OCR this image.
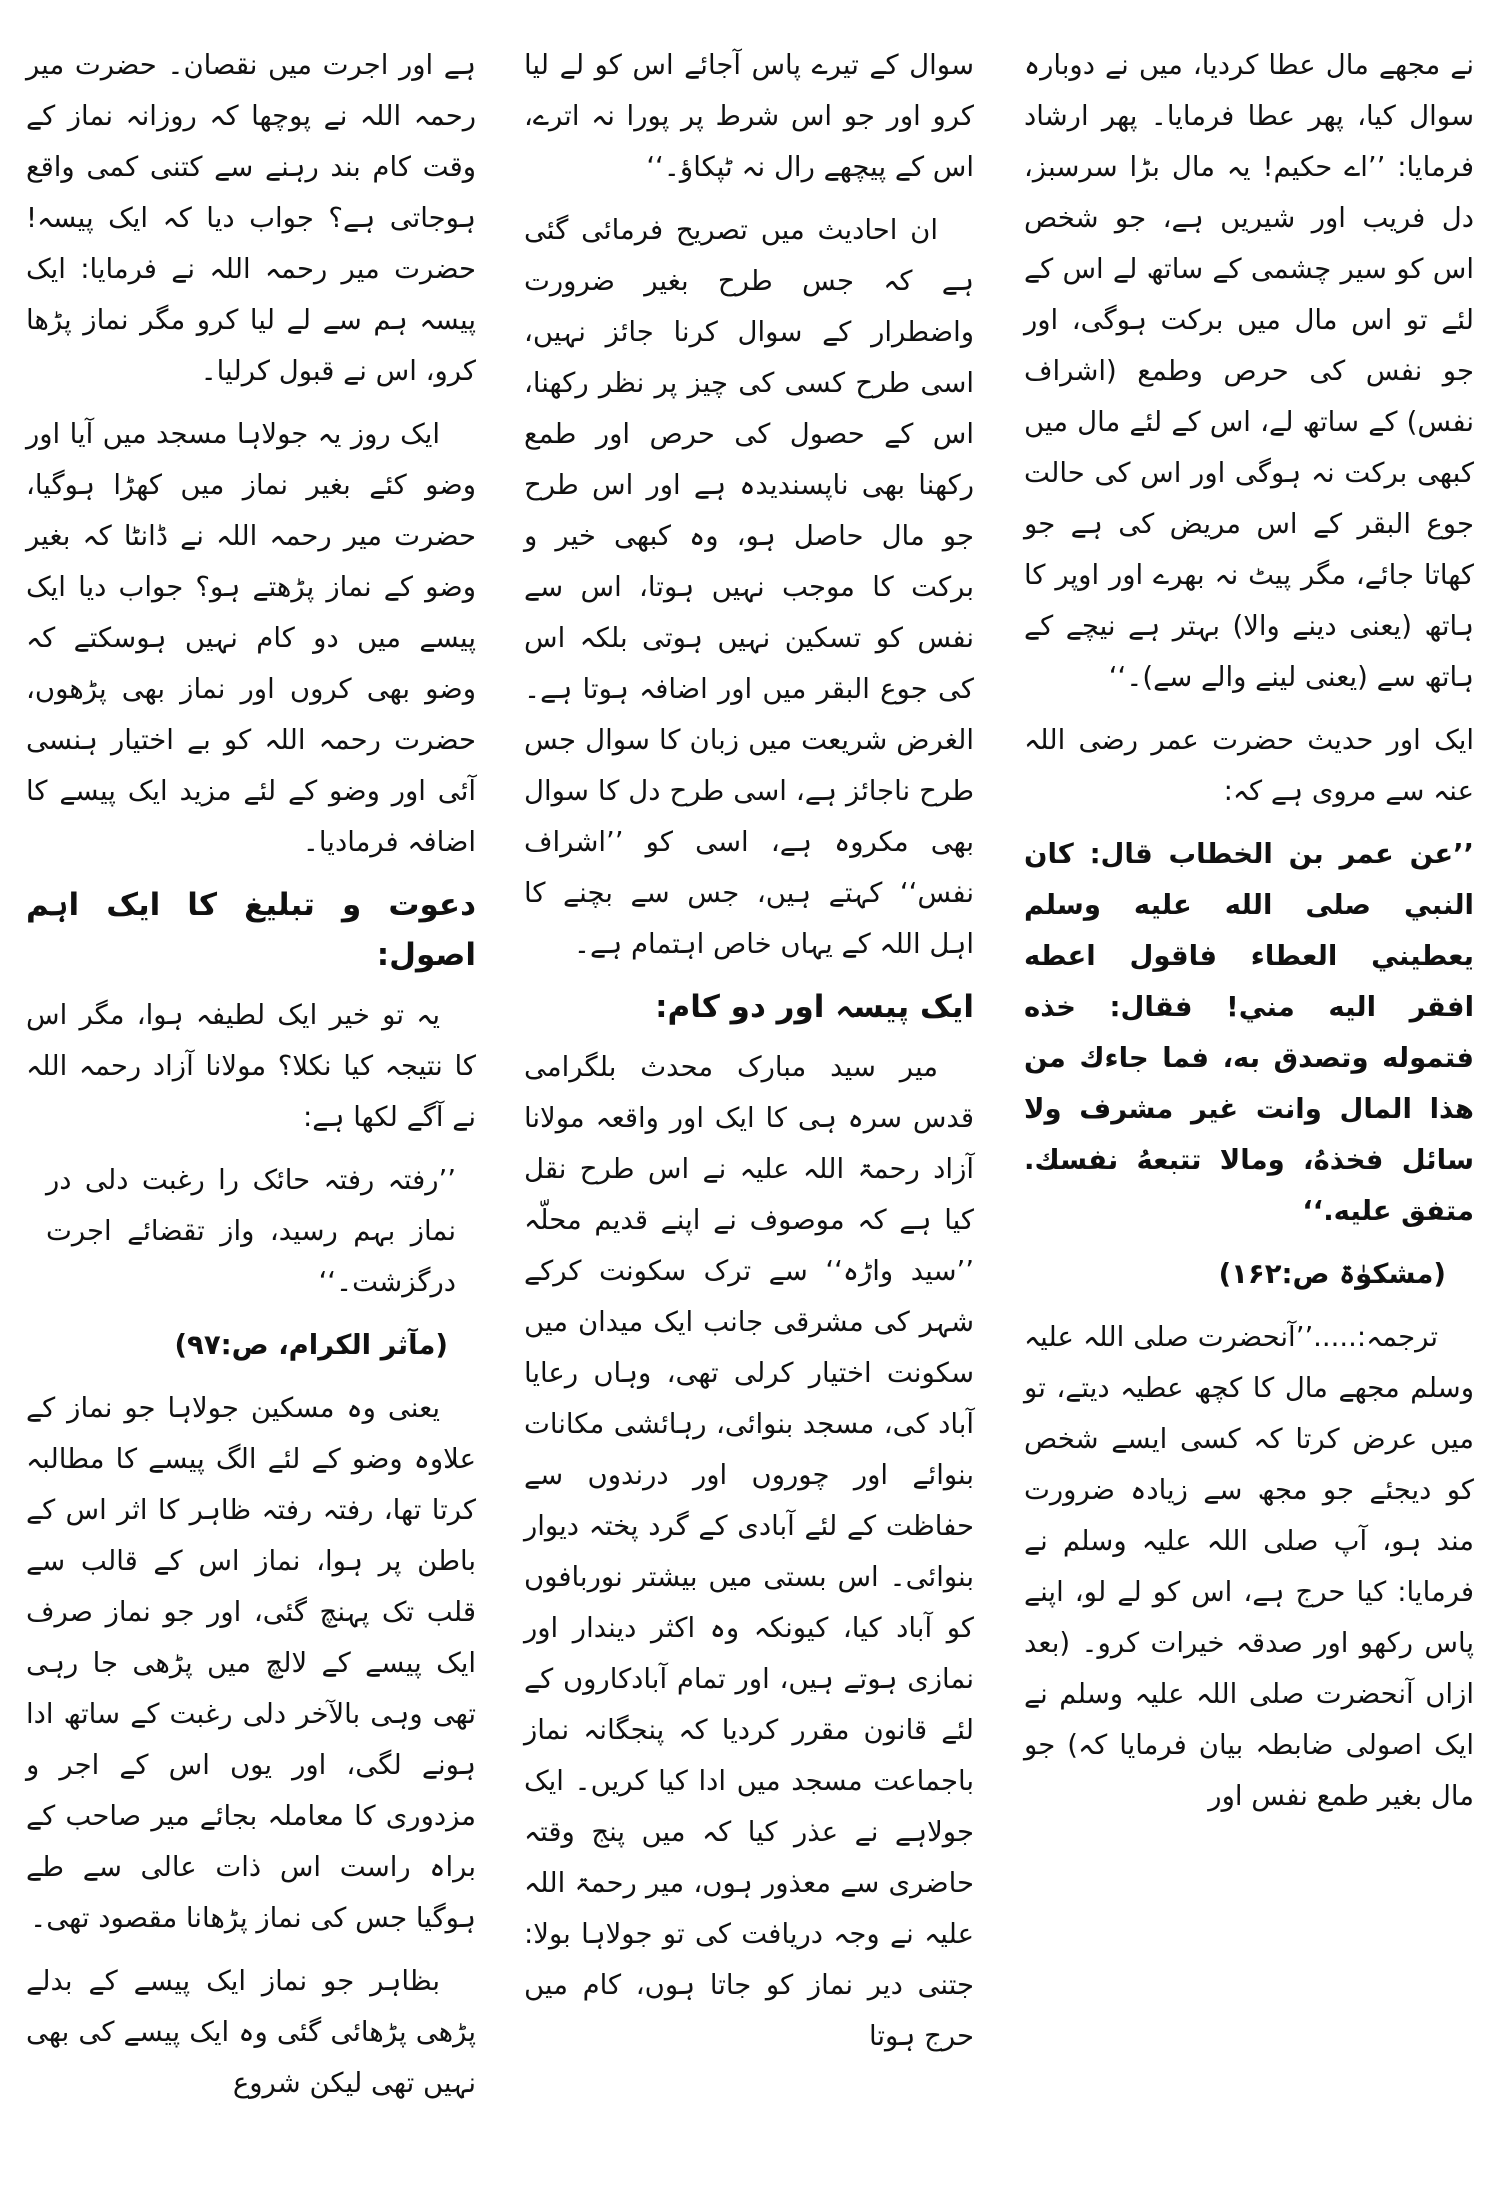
نے مجھے مال عطا کردیا، میں نے دوبارہ سوال کیا، پھر عطا فرمایا۔ پھر ارشاد فرمایا: ’’اے حکیم! یہ مال بڑا سرسبز، دل فریب اور شیریں ہے، جو شخص اس کو سیر چشمی کے ساتھ لے اس کے لئے تو اس مال میں برکت ہوگی، اور جو نفس کی حرص وطمع (اشراف نفس) کے ساتھ لے، اس کے لئے مال میں کبھی برکت نہ ہوگی اور اس کی حالت جوع البقر کے اس مریض کی ہے جو کھاتا جائے، مگر پیٹ نہ بھرے اور اوپر کا ہاتھ (یعنی دینے والا) بہتر ہے نیچے کے ہاتھ سے (یعنی لینے والے سے)۔‘‘

ایک اور حدیث حضرت عمر رضی اللہ عنہ سے مروی ہے کہ:

’’عن عمر بن الخطاب قال: كان النبي صلى الله عليه وسلم يعطيني العطاء فاقول اعطه افقر اليه مني! فقال: خذه فتموله وتصدق به، فما جاءك من هذا المال وانت غير مشرف ولا سائل فخذهُ، ومالا تتبعهُ نفسك. متفق عليه.‘‘

(مشکوٰۃ ص:۱۶۲)

ترجمہ:.....’’آنحضرت صلی اللہ علیہ وسلم مجھے مال کا کچھ عطیہ دیتے، تو میں عرض کرتا کہ کسی ایسے شخص کو دیجئے جو مجھ سے زیادہ ضرورت مند ہو، آپ صلی اللہ علیہ وسلم نے فرمایا: کیا حرج ہے، اس کو لے لو، اپنے پاس رکھو اور صدقہ خیرات کرو۔ (بعد ازاں آنحضرت صلی اللہ علیہ وسلم نے ایک اصولی ضابطہ بیان فرمایا کہ) جو مال بغیر طمع نفس اور

سوال کے تیرے پاس آجائے اس کو لے لیا کرو اور جو اس شرط پر پورا نہ اترے، اس کے پیچھے رال نہ ٹپکاؤ۔‘‘

ان احادیث میں تصریح فرمائی گئی ہے کہ جس طرح بغیر ضرورت واضطرار کے سوال کرنا جائز نہیں، اسی طرح کسی کی چیز پر نظر رکھنا، اس کے حصول کی حرص اور طمع رکھنا بھی ناپسندیدہ ہے اور اس طرح جو مال حاصل ہو، وہ کبھی خیر و برکت کا موجب نہیں ہوتا، اس سے نفس کو تسکین نہیں ہوتی بلکہ اس کی جوع البقر میں اور اضافہ ہوتا ہے۔ الغرض شریعت میں زبان کا سوال جس طرح ناجائز ہے، اسی طرح دل کا سوال بھی مکروہ ہے، اسی کو ’’اشراف نفس‘‘ کہتے ہیں، جس سے بچنے کا اہل اللہ کے یہاں خاص اہتمام ہے۔

ایک پیسہ اور دو کام:

میر سید مبارک محدث بلگرامی قدس سرہ ہی کا ایک اور واقعہ مولانا آزاد رحمۃ اللہ علیہ نے اس طرح نقل کیا ہے کہ موصوف نے اپنے قدیم محلّہ ’’سید واڑہ‘‘ سے ترک سکونت کرکے شہر کی مشرقی جانب ایک میدان میں سکونت اختیار کرلی تھی، وہاں رعایا آباد کی، مسجد بنوائی، رہائشی مکانات بنوائے اور چوروں اور درندوں سے حفاظت کے لئے آبادی کے گرد پختہ دیوار بنوائی۔ اس بستی میں بیشتر نوربافوں کو آباد کیا، کیونکہ وہ اکثر دیندار اور نمازی ہوتے ہیں، اور تمام آبادکاروں کے لئے قانون مقرر کردیا کہ پنجگانہ نماز باجماعت مسجد میں ادا کیا کریں۔ ایک جولاہے نے عذر کیا کہ میں پنج وقتہ حاضری سے معذور ہوں، میر رحمۃ اللہ علیہ نے وجہ دریافت کی تو جولاہا بولا: جتنی دیر نماز کو جاتا ہوں، کام میں حرج ہوتا

ہے اور اجرت میں نقصان۔ حضرت میر رحمہ اللہ نے پوچھا کہ روزانہ نماز کے وقت کام بند رہنے سے کتنی کمی واقع ہوجاتی ہے؟ جواب دیا کہ ایک پیسہ! حضرت میر رحمہ اللہ نے فرمایا: ایک پیسہ ہم سے لے لیا کرو مگر نماز پڑھا کرو، اس نے قبول کرلیا۔

ایک روز یہ جولاہا مسجد میں آیا اور وضو کئے بغیر نماز میں کھڑا ہوگیا، حضرت میر رحمہ اللہ نے ڈانٹا کہ بغیر وضو کے نماز پڑھتے ہو؟ جواب دیا ایک پیسے میں دو کام نہیں ہوسکتے کہ وضو بھی کروں اور نماز بھی پڑھوں، حضرت رحمہ اللہ کو بے اختیار ہنسی آئی اور وضو کے لئے مزید ایک پیسے کا اضافہ فرمادیا۔

دعوت و تبلیغ کا ایک اہم اصول:

یہ تو خیر ایک لطیفہ ہوا، مگر اس کا نتیجہ کیا نکلا؟ مولانا آزاد رحمہ اللہ نے آگے لکھا ہے:

’’رفتہ رفتہ حائک را رغبت دلی در نماز بہم رسید، واز تقضائے اجرت درگزشت۔‘‘

(مآثر الکرام، ص:۹۷)

یعنی وہ مسکین جولاہا جو نماز کے علاوہ وضو کے لئے الگ پیسے کا مطالبہ کرتا تھا، رفتہ رفتہ ظاہر کا اثر اس کے باطن پر ہوا، نماز اس کے قالب سے قلب تک پہنچ گئی، اور جو نماز صرف ایک پیسے کے لالچ میں پڑھی جا رہی تھی وہی بالآخر دلی رغبت کے ساتھ ادا ہونے لگی، اور یوں اس کے اجر و مزدوری کا معاملہ بجائے میر صاحب کے براہ راست اس ذات عالی سے طے ہوگیا جس کی نماز پڑھانا مقصود تھی۔

بظاہر جو نماز ایک پیسے کے بدلے پڑھی پڑھائی گئی وہ ایک پیسے کی بھی نہیں تھی لیکن شروع
